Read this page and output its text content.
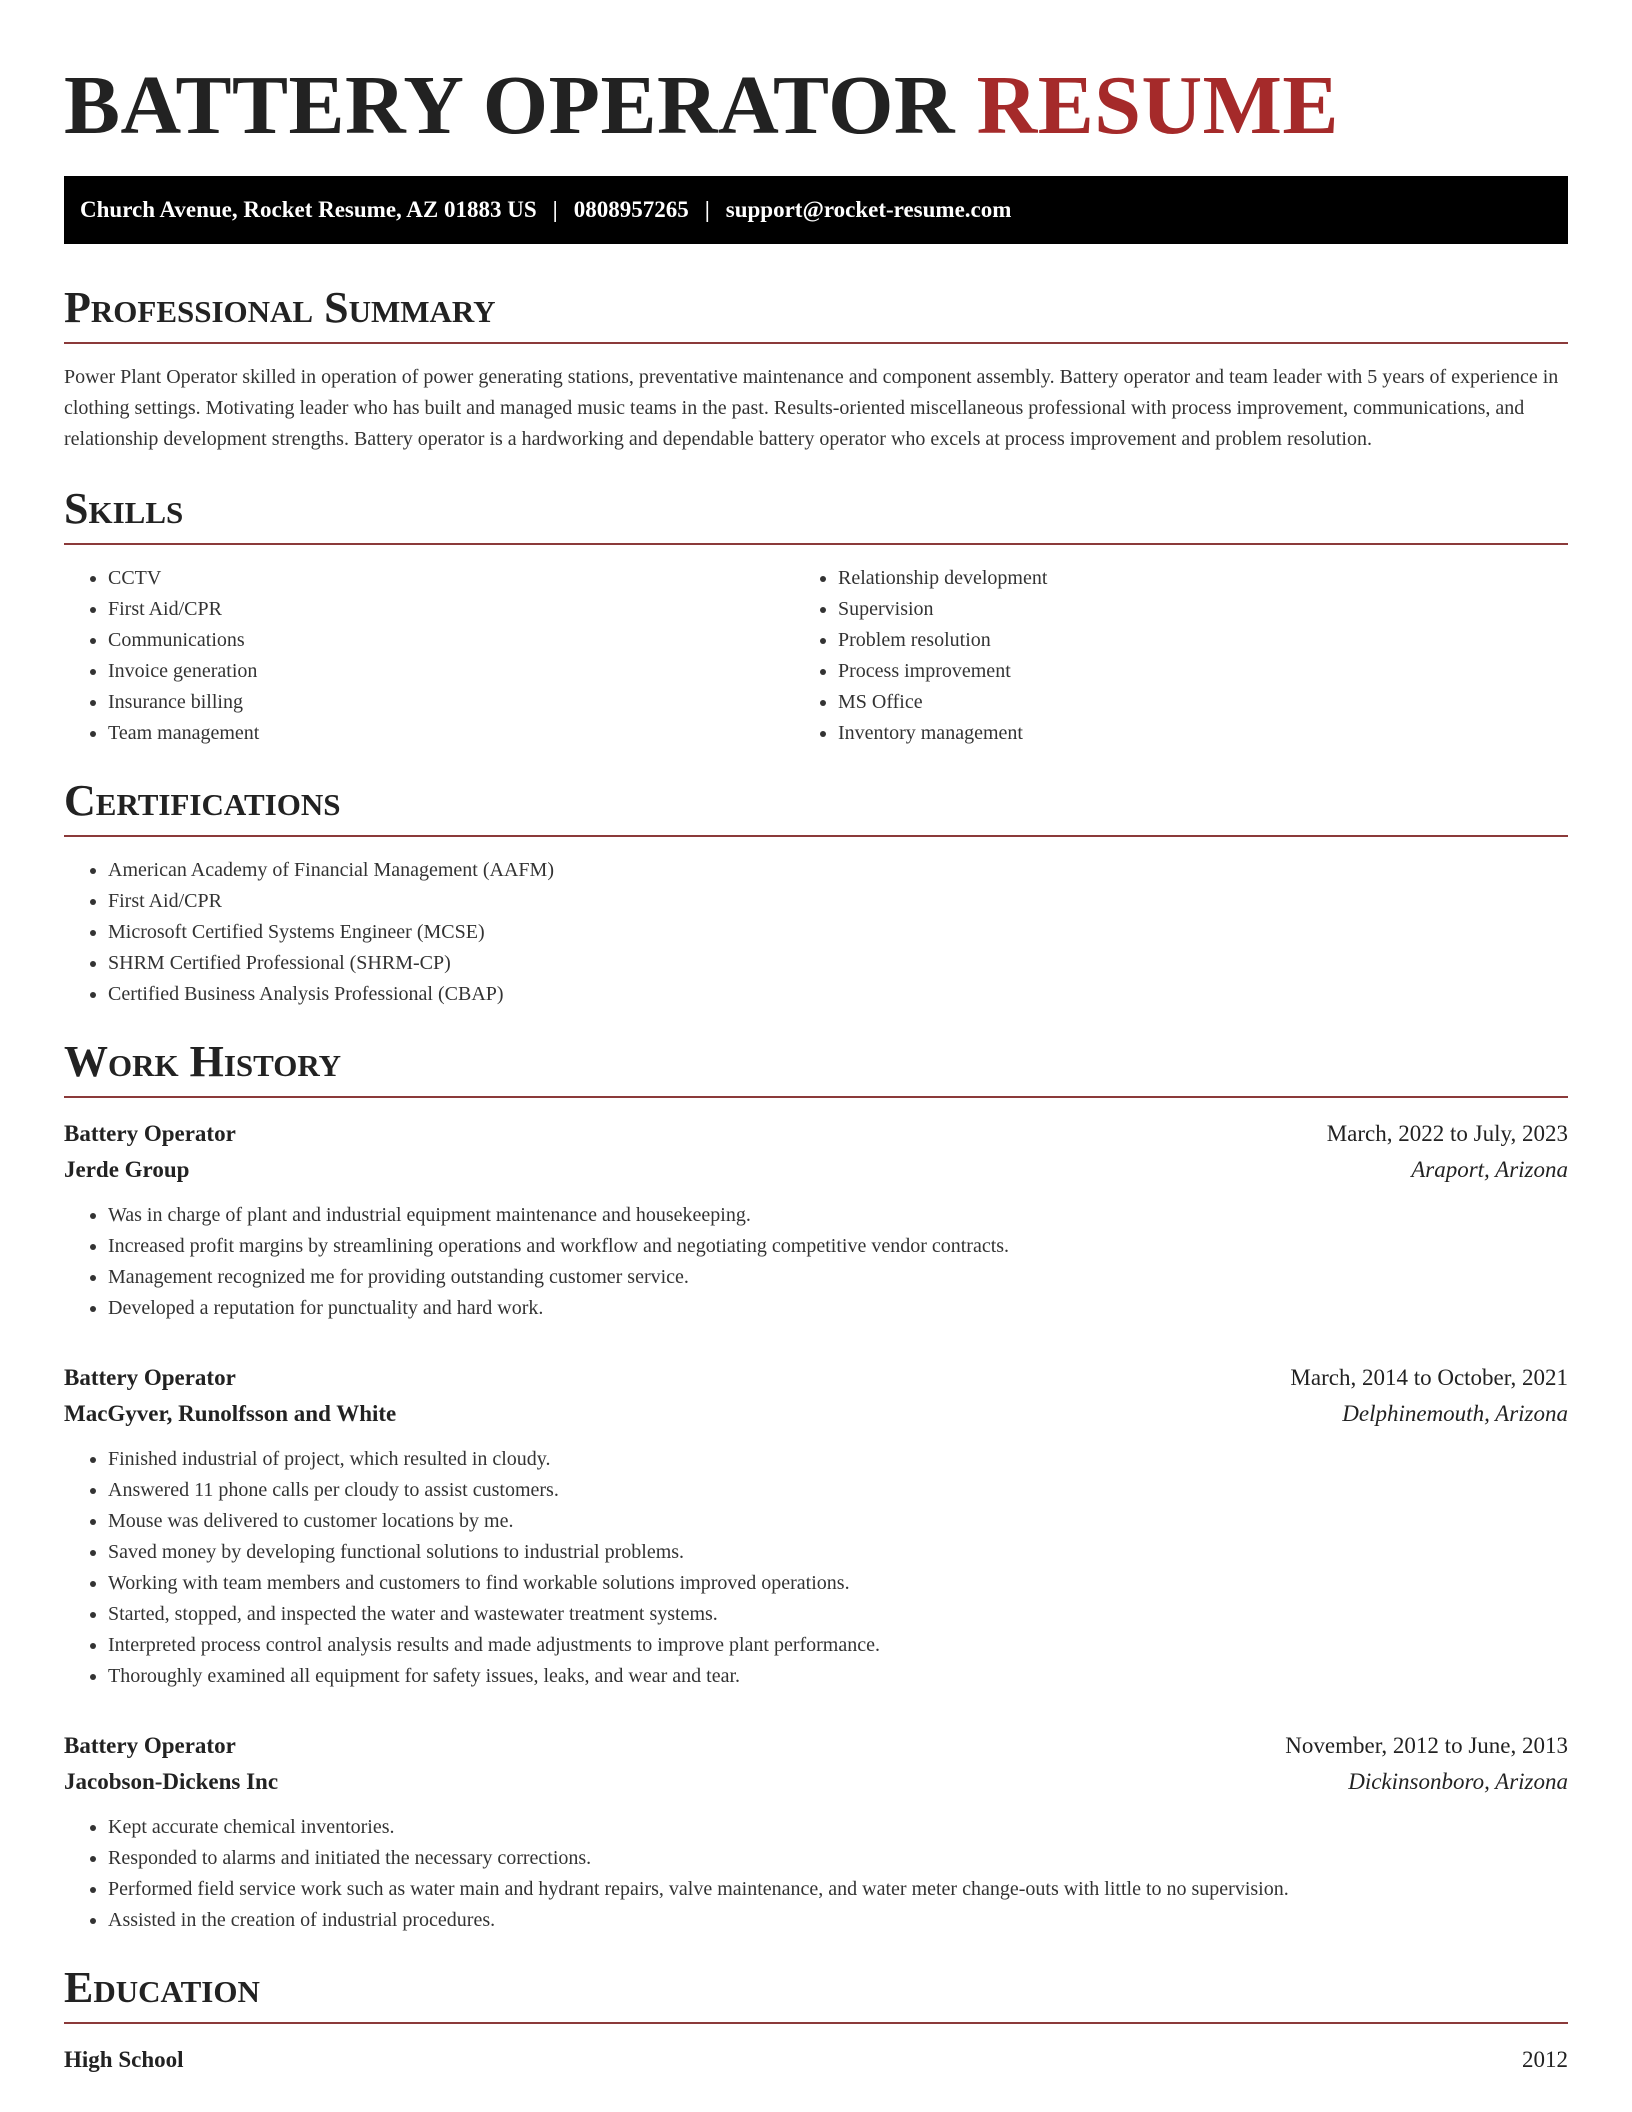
BATTERY OPERATOR RESUME
Church Avenue, Rocket Resume, AZ 01883 US | 0808957265 | support@rocket-resume.com
Professional Summary

Power Plant Operator skilled in operation of power generating stations, preventative maintenance and component assembly. Battery operator and team leader with 5 years of experience in clothing settings. Motivating leader who has built and managed music teams in the past. Results-oriented miscellaneous professional with process improvement, communications, and relationship development strengths. Battery operator is a hardworking and dependable battery operator who excels at process improvement and problem resolution.

Skills
• CCTV
• First Aid/CPR
• Communications
• Invoice generation
• Insurance billing
• Team management
• Relationship development
• Supervision
• Problem resolution
• Process improvement
• MS Office
• Inventory management
Certifications
• American Academy of Financial Management (AAFM)
• First Aid/CPR
• Microsoft Certified Systems Engineer (MCSE)
• SHRM Certified Professional (SHRM-CP)
• Certified Business Analysis Professional (CBAP)
Work History
Battery Operator	March, 2022 to July, 2023
Jerde Group	Araport, Arizona
• Was in charge of plant and industrial equipment maintenance and housekeeping.
• Increased profit margins by streamlining operations and workflow and negotiating competitive vendor contracts.
• Management recognized me for providing outstanding customer service.
• Developed a reputation for punctuality and hard work.
Battery Operator	March, 2014 to October, 2021
MacGyver, Runolfsson and White	Delphinemouth, Arizona
• Finished industrial of project, which resulted in cloudy.
• Answered 11 phone calls per cloudy to assist customers.
• Mouse was delivered to customer locations by me.
• Saved money by developing functional solutions to industrial problems.
• Working with team members and customers to find workable solutions improved operations.
• Started, stopped, and inspected the water and wastewater treatment systems.
• Interpreted process control analysis results and made adjustments to improve plant performance.
• Thoroughly examined all equipment for safety issues, leaks, and wear and tear.
Battery Operator	November, 2012 to June, 2013
Jacobson-Dickens Inc	Dickinsonboro, Arizona
• Kept accurate chemical inventories.
• Responded to alarms and initiated the necessary corrections.
• Performed field service work such as water main and hydrant repairs, valve maintenance, and water meter change-outs with little to no supervision.
• Assisted in the creation of industrial procedures.
Education
High School	2012
